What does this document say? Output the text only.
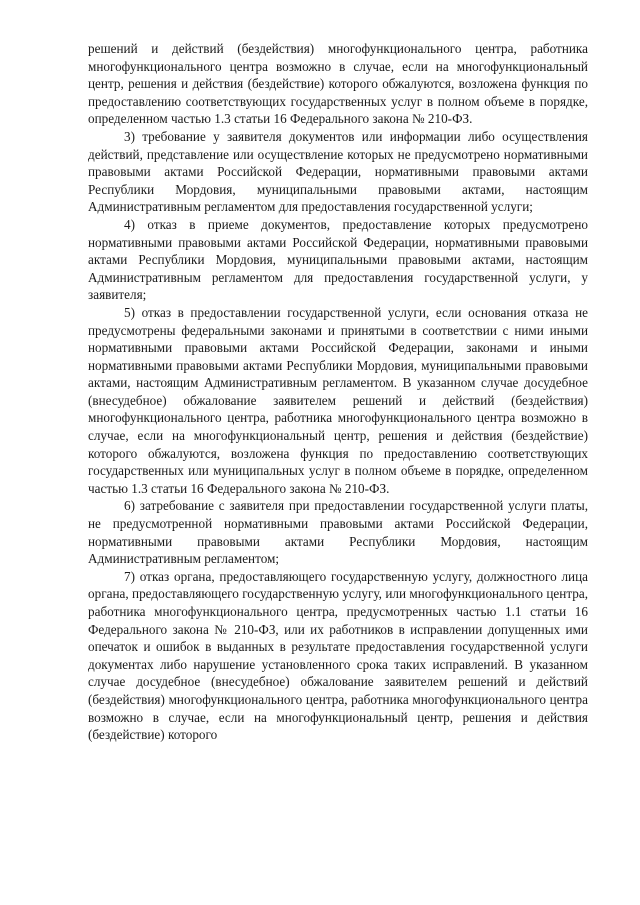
решений и действий (бездействия) многофункционального центра, работника многофункционального центра возможно в случае, если на многофункциональный центр, решения и действия (бездействие) которого обжалуются, возложена функция по предоставлению соответствующих государственных услуг в полном объеме в порядке, определенном частью 1.3 статьи 16 Федерального закона № 210-ФЗ.

3) требование у заявителя документов или информации либо осуществления действий, представление или осуществление которых не предусмотрено нормативными правовыми актами Российской Федерации, нормативными правовыми актами Республики Мордовия, муниципальными правовыми актами, настоящим Административным регламентом для предоставления государственной услуги;

4) отказ в приеме документов, предоставление которых предусмотрено нормативными правовыми актами Российской Федерации, нормативными правовыми актами Республики Мордовия, муниципальными правовыми актами, настоящим Административным регламентом для предоставления государственной услуги, у заявителя;

5) отказ в предоставлении государственной услуги, если основания отказа не предусмотрены федеральными законами и принятыми в соответствии с ними иными нормативными правовыми актами Российской Федерации, законами и иными нормативными правовыми актами Республики Мордовия, муниципальными правовыми актами, настоящим Административным регламентом. В указанном случае досудебное (внесудебное) обжалование заявителем решений и действий (бездействия) многофункционального центра, работника многофункционального центра возможно в случае, если на многофункциональный центр, решения и действия (бездействие) которого обжалуются, возложена функция по предоставлению соответствующих государственных или муниципальных услуг в полном объеме в порядке, определенном частью 1.3 статьи 16 Федерального закона № 210-ФЗ.

6) затребование с заявителя при предоставлении государственной услуги платы, не предусмотренной нормативными правовыми актами Российской Федерации, нормативными правовыми актами Республики Мордовия, настоящим Административным регламентом;

7) отказ органа, предоставляющего государственную услугу, должностного лица органа, предоставляющего государственную услугу, или многофункционального центра, работника многофункционального центра, предусмотренных частью 1.1 статьи 16 Федерального закона № 210-ФЗ, или их работников в исправлении допущенных ими опечаток и ошибок в выданных в результате предоставления государственной услуги документах либо нарушение установленного срока таких исправлений. В указанном случае досудебное (внесудебное) обжалование заявителем решений и действий (бездействия) многофункционального центра, работника многофункционального центра возможно в случае, если на многофункциональный центр, решения и действия (бездействие) которого
